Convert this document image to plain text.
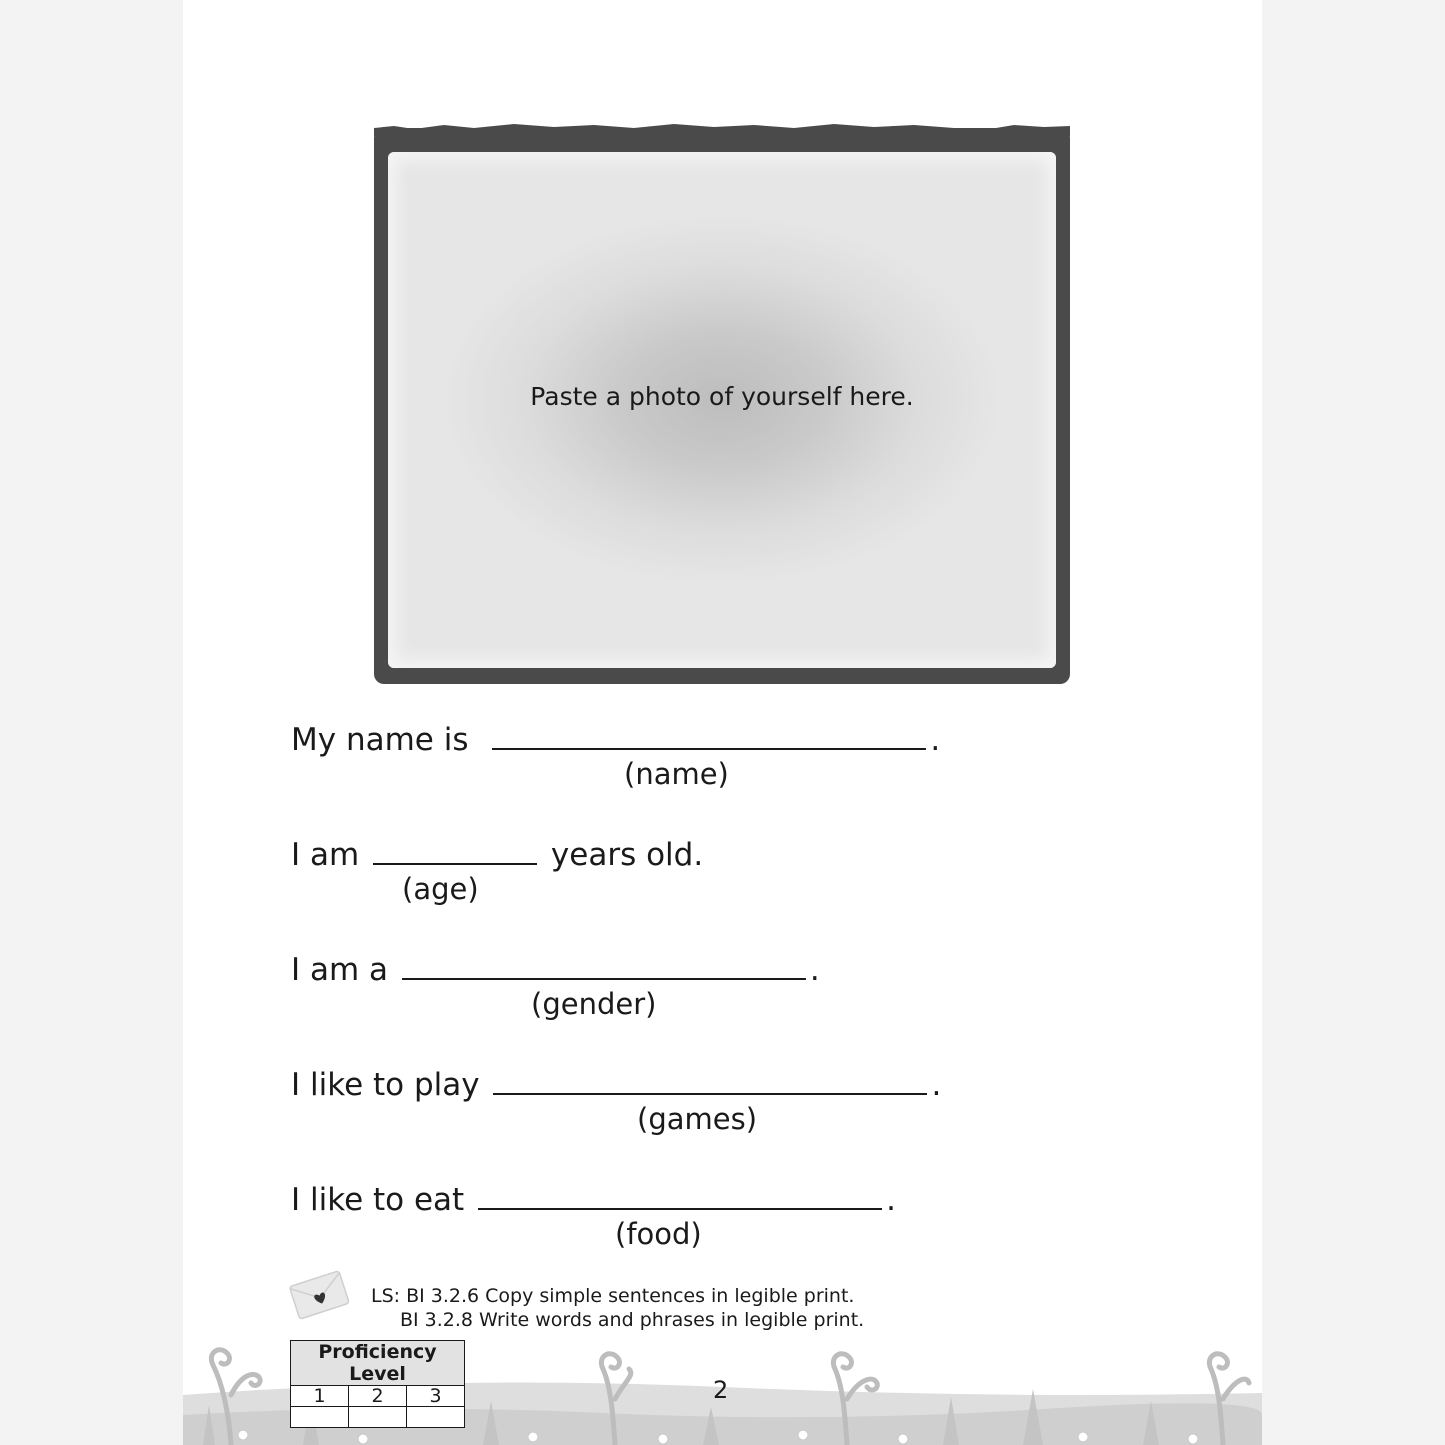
Paste a photo of yourself here.
My name is	.
(name)
I am	years old.
(age)
I am a	.
(gender)
I like to play	.
(games)
I like to eat	.
(food)
LS: BI 3.2.6 Copy simple sentences in legible print.
BI 3.2.8 Write words and phrases in legible print.
Proficiency Level		
1	2	3
			2
